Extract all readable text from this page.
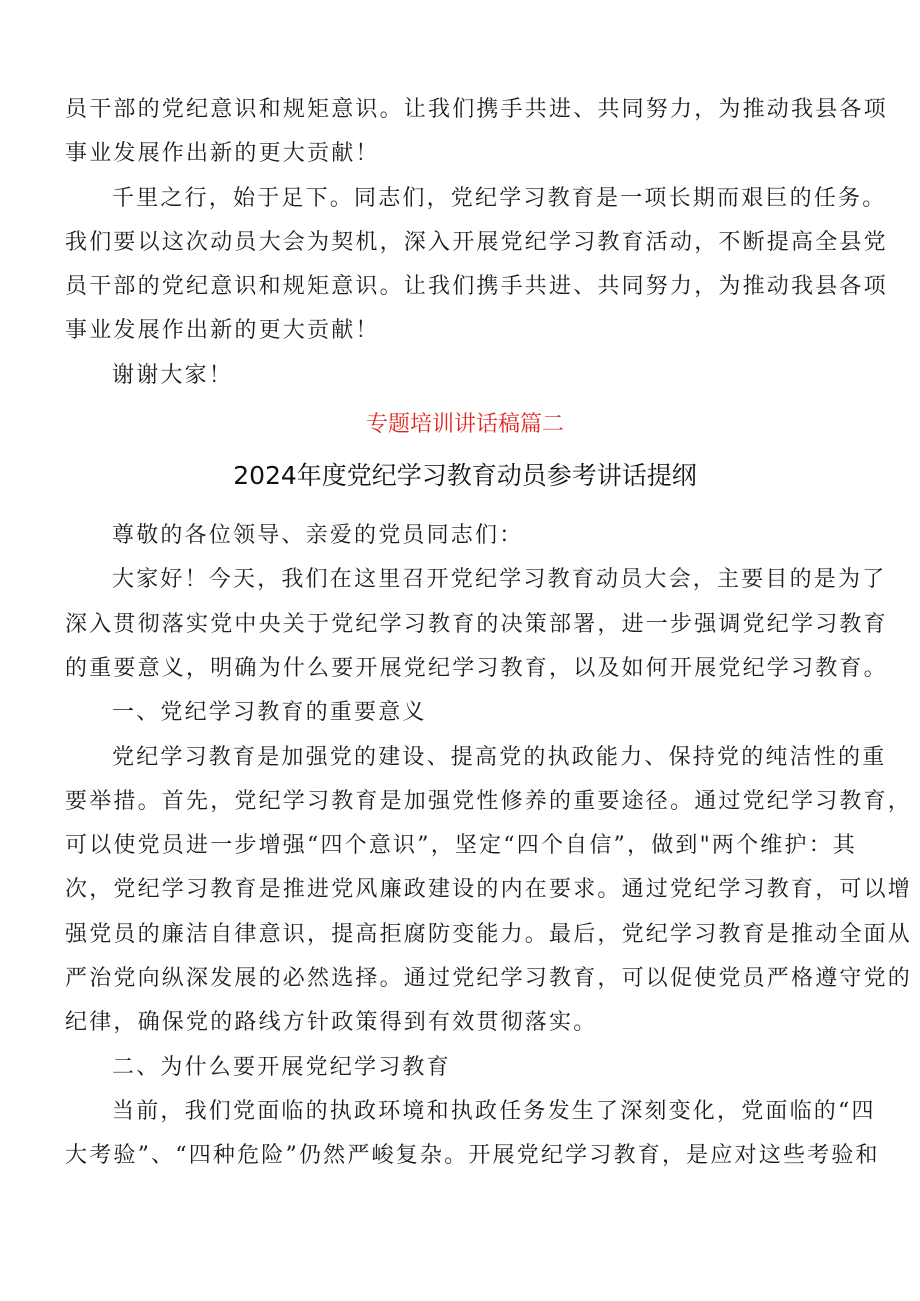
员干部的党纪意识和规矩意识。让我们携手共进、共同努力，为推动我县各项
事业发展作出新的更大贡献！
千里之行，始于足下。同志们，党纪学习教育是一项长期而艰巨的任务。
我们要以这次动员大会为契机，深入开展党纪学习教育活动，不断提高全县党
员干部的党纪意识和规矩意识。让我们携手共进、共同努力，为推动我县各项
事业发展作出新的更大贡献！
谢谢大家！
专题培训讲话稿篇二
2024年度党纪学习教育动员参考讲话提纲
尊敬的各位领导、亲爱的党员同志们：
大家好！今天，我们在这里召开党纪学习教育动员大会，主要目的是为了
深入贯彻落实党中央关于党纪学习教育的决策部署，进一步强调党纪学习教育
的重要意义，明确为什么要开展党纪学习教育，以及如何开展党纪学习教育。
一、党纪学习教育的重要意义
党纪学习教育是加强党的建设、提高党的执政能力、保持党的纯洁性的重
要举措。首先，党纪学习教育是加强党性修养的重要途径。通过党纪学习教育，
可以使党员进一步增强“四个意识”，坚定“四个自信”，做到"两个维护：其
次，党纪学习教育是推进党风廉政建设的内在要求。通过党纪学习教育，可以增
强党员的廉洁自律意识，提高拒腐防变能力。最后，党纪学习教育是推动全面从
严治党向纵深发展的必然选择。通过党纪学习教育，可以促使党员严格遵守党的
纪律，确保党的路线方针政策得到有效贯彻落实。
二、为什么要开展党纪学习教育
当前，我们党面临的执政环境和执政任务发生了深刻变化，党面临的“四
大考验”、“四种危险”仍然严峻复杂。开展党纪学习教育，是应对这些考验和
